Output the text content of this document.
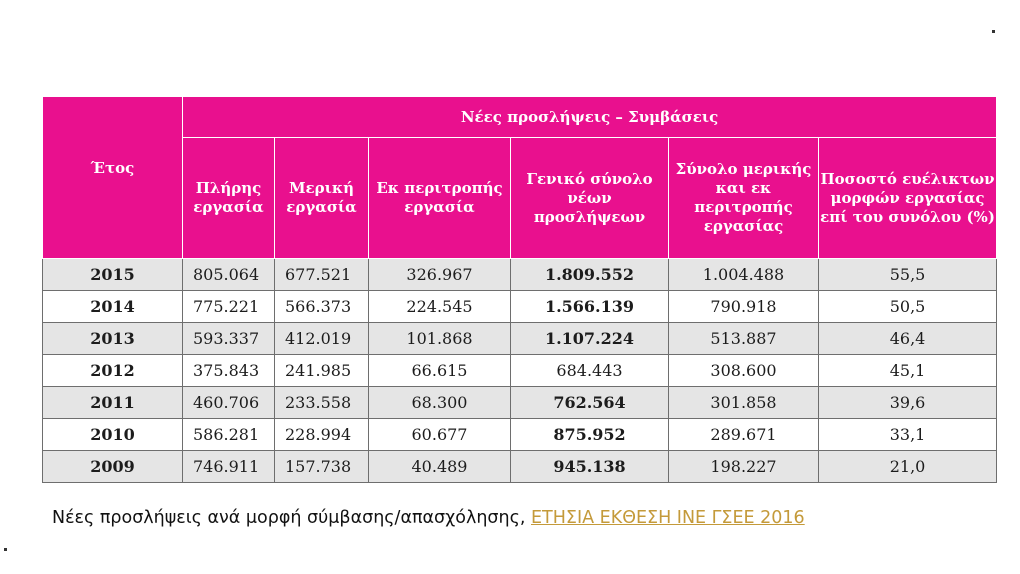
Έτος	Νέες προσλήψεις – Συμβάσεις					
	Πλήρης εργασία	Μερική εργασία	Εκ περιτροπής εργασία	Γενικό σύνολο νέων προσλήψεων	Σύνολο μερικής και εκ περιτροπής εργασίας	Ποσοστό ευέλικτων μορφών εργασίας επί του συνόλου (%)
2015	805.064	677.521	326.967	1.809.552	1.004.488	55,5
2014	775.221	566.373	224.545	1.566.139	790.918	50,5
2013	593.337	412.019	101.868	1.107.224	513.887	46,4
2012	375.843	241.985	66.615	684.443	308.600	45,1
2011	460.706	233.558	68.300	762.564	301.858	39,6
2010	586.281	228.994	60.677	875.952	289.671	33,1
2009	746.911	157.738	40.489	945.138	198.227	21,0
Νέες προσλήψεις ανά μορφή σύμβασης/απασχόλησης, ΕΤΗΣΙΑ ΕΚΘΕΣΗ ΙΝΕ ΓΣΕΕ 2016
